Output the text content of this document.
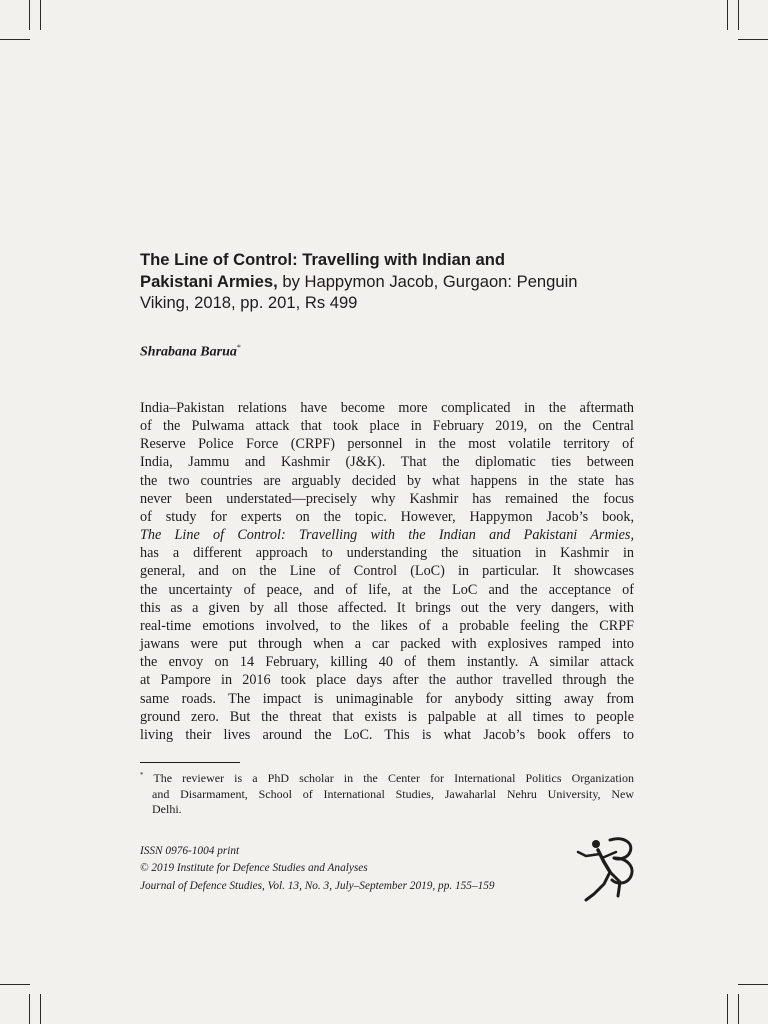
The Line of Control: Travelling with Indian and
Pakistani Armies, by Happymon Jacob, Gurgaon: Penguin
Viking, 2018, pp. 201, Rs 499
Shrabana Barua*
India–Pakistan relations have become more complicated in the aftermath
of the Pulwama attack that took place in February 2019, on the Central
Reserve Police Force (CRPF) personnel in the most volatile territory of
India, Jammu and Kashmir (J&K). That the diplomatic ties between
the two countries are arguably decided by what happens in the state has
never been understated—precisely why Kashmir has remained the focus
of study for experts on the topic. However, Happymon Jacob’s book,
The Line of Control: Travelling with the Indian and Pakistani Armies,
has a different approach to understanding the situation in Kashmir in
general, and on the Line of Control (LoC) in particular. It showcases
the uncertainty of peace, and of life, at the LoC and the acceptance of
this as a given by all those affected. It brings out the very dangers, with
real-time emotions involved, to the likes of a probable feeling the CRPF
jawans were put through when a car packed with explosives ramped into
the envoy on 14 February, killing 40 of them instantly. A similar attack
at Pampore in 2016 took place days after the author travelled through the
same roads. The impact is unimaginable for anybody sitting away from
ground zero. But the threat that exists is palpable at all times to people
living their lives around the LoC. This is what Jacob’s book offers to
* The reviewer is a PhD scholar in the Center for International Politics Organization
and Disarmament, School of International Studies, Jawaharlal Nehru University, New
Delhi.
ISSN 0976-1004 print
© 2019 Institute for Defence Studies and Analyses
Journal of Defence Studies, Vol. 13, No. 3, July–September 2019, pp. 155–159
